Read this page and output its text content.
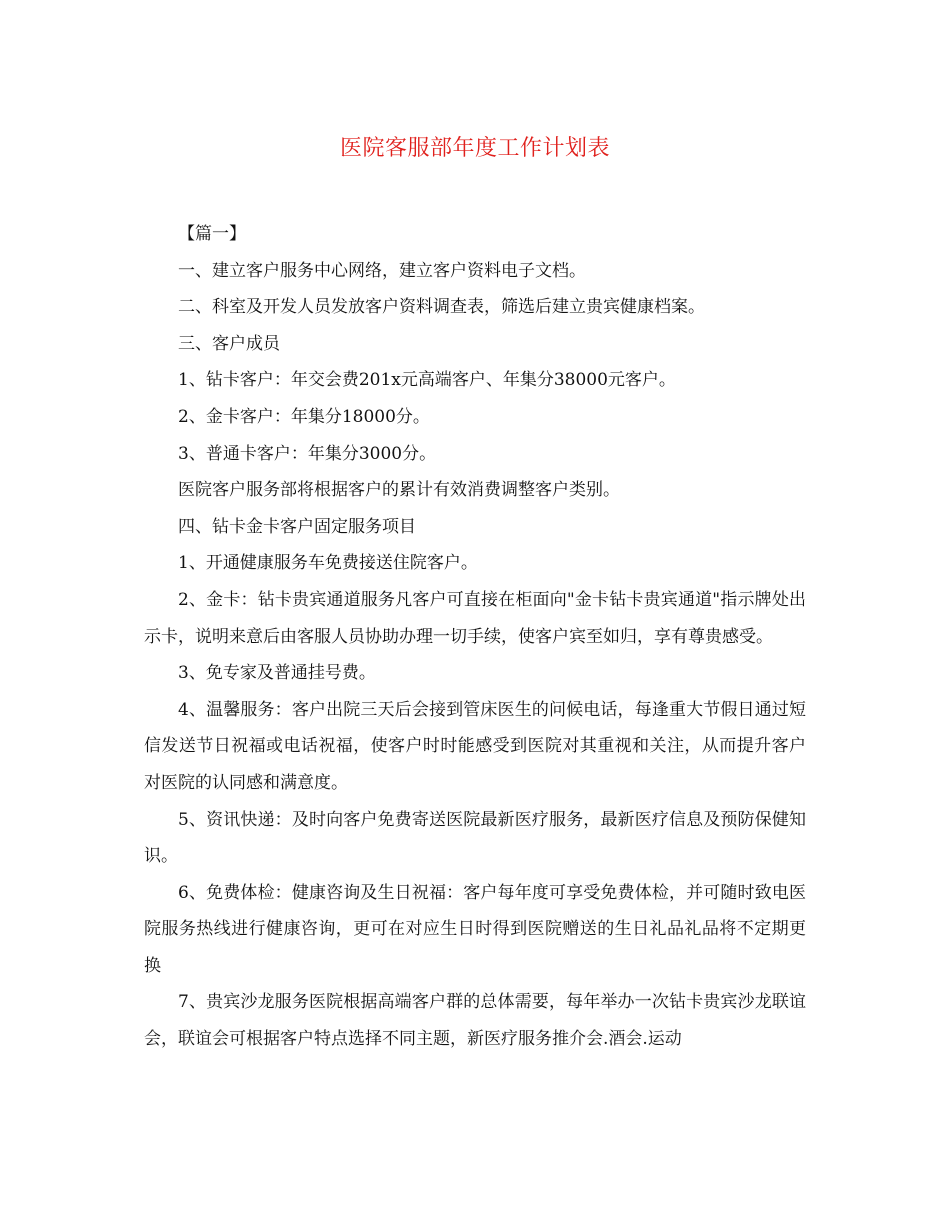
医院客服部年度工作计划表

【篇一】

一、建立客户服务中心网络，建立客户资料电子文档。

二、科室及开发人员发放客户资料调查表，筛选后建立贵宾健康档案。

三、客户成员

1、钻卡客户：年交会费201x元高端客户、年集分38000元客户。

2、金卡客户：年集分18000分。

3、普通卡客户：年集分3000分。

医院客户服务部将根据客户的累计有效消费调整客户类别。

四、钻卡金卡客户固定服务项目

1、开通健康服务车免费接送住院客户。

2、金卡：钻卡贵宾通道服务凡客户可直接在柜面向"金卡钻卡贵宾通道"指示牌处出示卡，说明来意后由客服人员协助办理一切手续，使客户宾至如归，享有尊贵感受。

3、免专家及普通挂号费。

4、温馨服务：客户出院三天后会接到管床医生的问候电话，每逢重大节假日通过短信发送节日祝福或电话祝福，使客户时时能感受到医院对其重视和关注，从而提升客户对医院的认同感和满意度。

5、资讯快递：及时向客户免费寄送医院最新医疗服务，最新医疗信息及预防保健知识。

6、免费体检：健康咨询及生日祝福：客户每年度可享受免费体检，并可随时致电医院服务热线进行健康咨询，更可在对应生日时得到医院赠送的生日礼品礼品将不定期更换

7、贵宾沙龙服务医院根据高端客户群的总体需要，每年举办一次钻卡贵宾沙龙联谊会，联谊会可根据客户特点选择不同主题，新医疗服务推介会.酒会.运动
